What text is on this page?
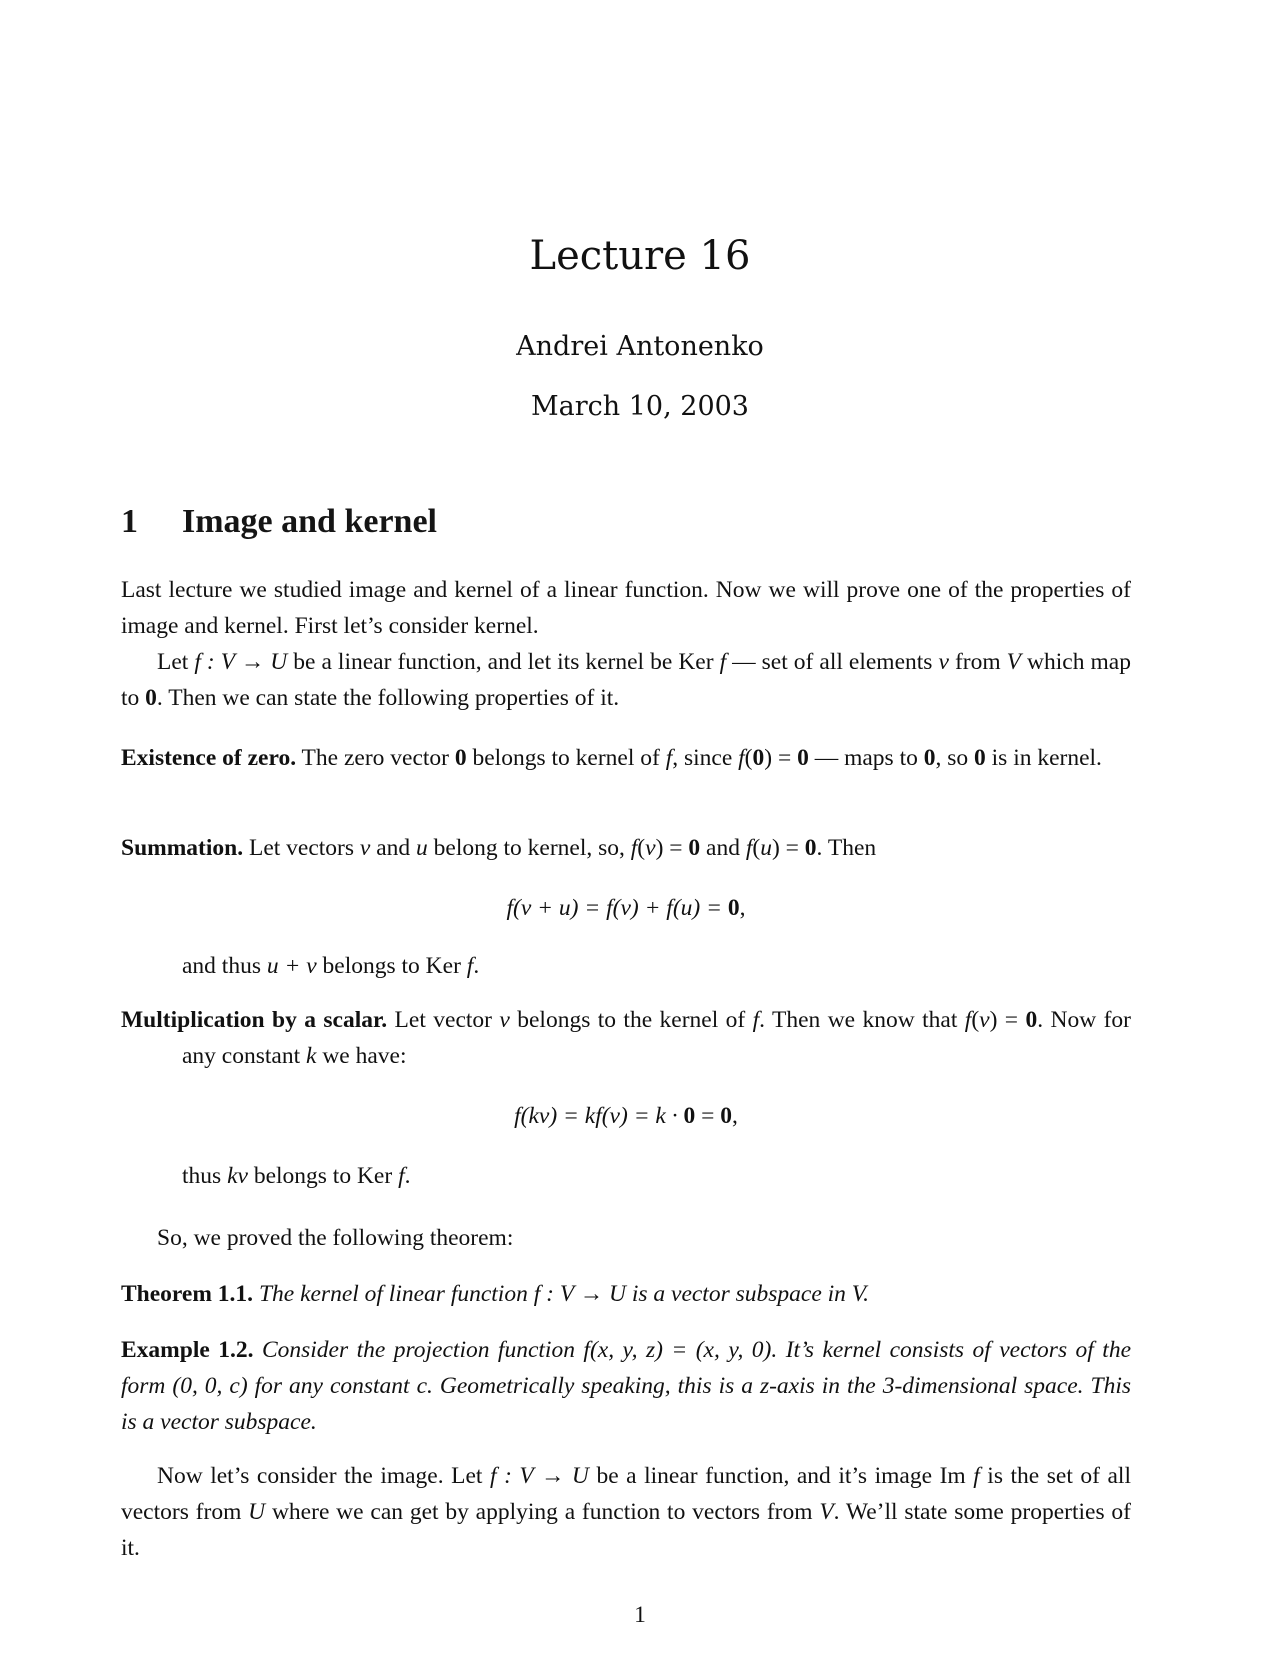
Lecture 16
Andrei Antonenko
March 10, 2003
1 Image and kernel

Last lecture we studied image and kernel of a linear function. Now we will prove one of the properties of image and kernel. First let’s consider kernel.

Let f : V → U be a linear function, and let its kernel be Ker f — set of all elements v from V which map to 0. Then we can state the following properties of it.

Existence of zero. The zero vector 0 belongs to kernel of f, since f(0) = 0 — maps to 0, so 0 is in kernel.

Summation. Let vectors v and u belong to kernel, so, f(v) = 0 and f(u) = 0. Then

f(v + u) = f(v) + f(u) = 0,

and thus u + v belongs to Ker f.

Multiplication by a scalar. Let vector v belongs to the kernel of f. Then we know that f(v) = 0. Now for any constant k we have:

f(kv) = kf(v) = k · 0 = 0,

thus kv belongs to Ker f.

So, we proved the following theorem:

Theorem 1.1. The kernel of linear function f : V → U is a vector subspace in V.

Example 1.2. Consider the projection function f(x, y, z) = (x, y, 0). It’s kernel consists of vectors of the form (0, 0, c) for any constant c. Geometrically speaking, this is a z-axis in the 3-dimensional space. This is a vector subspace.

Now let’s consider the image. Let f : V → U be a linear function, and it’s image Im f is the set of all vectors from U where we can get by applying a function to vectors from V. We’ll state some properties of it.

1
